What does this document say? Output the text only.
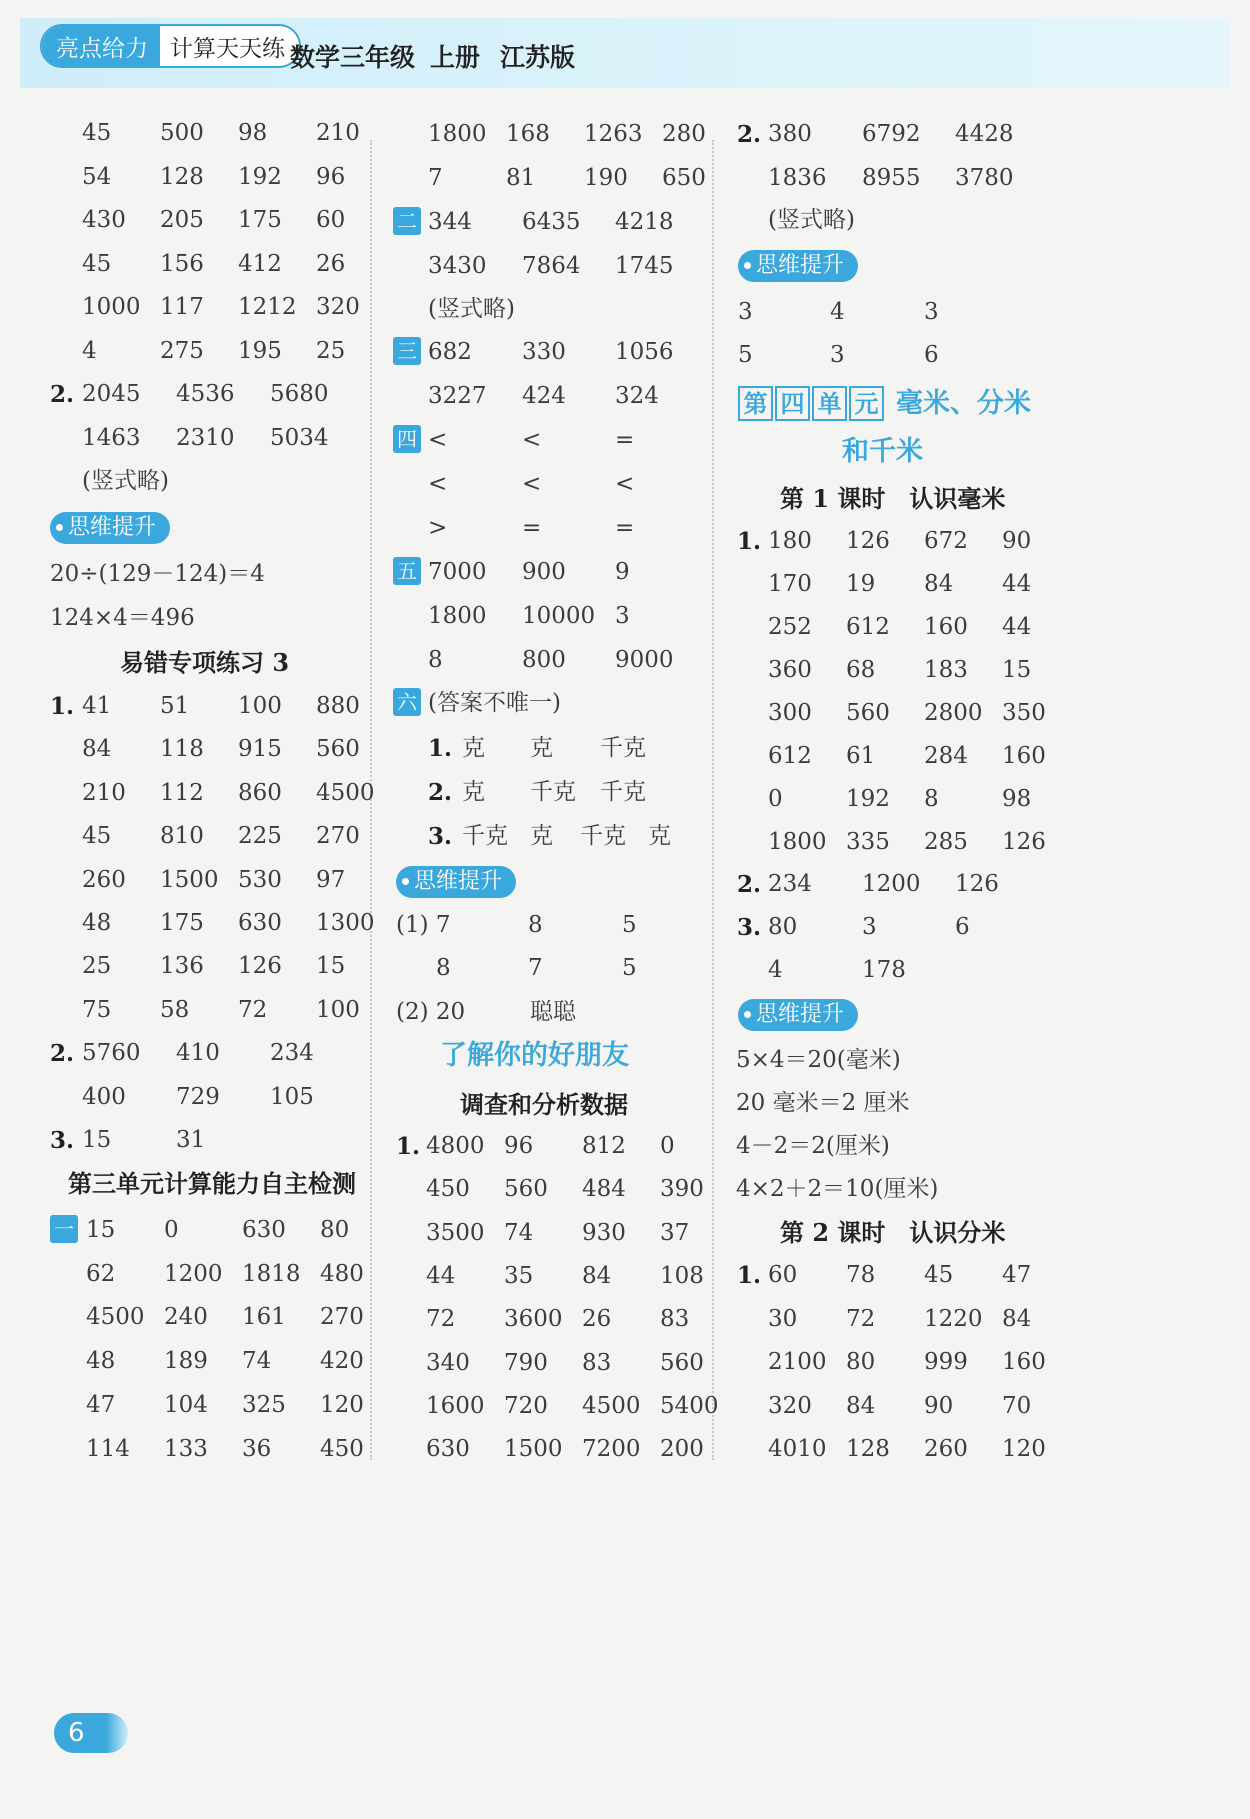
亮点给力 计算天天练 数学三年级 上册 江苏版
45 500 98 210
54 128 192 96
430 205 175 60
45 156 412 26
1000 117 1212 320
4	275 195 25
2. 2045 4536 5680
1463 2310 5034
(竖式略)
思维提升
20÷(129－124)＝4
124×4＝496
易错专项练习 3
1. 41 51 100 880
84 118 915 560
210 112 860 4500
45 810 225 270
260 1500 530 97
48 175 630 1300
25 136 126 15
75 58 72 100
2. 5760 410 234
400 729 105
3. 15	31
第三单元计算能力自主检测
一 15 0	630 80
62 1200 1818 480
4500 240 161 270
48 189 74 420
47 104 325 120
114 133 36 450
1800 168 1263 280
7	81 190 650
二 344 6435 4218
3430 7864 1745
(竖式略)
三 682 330 1056
3227 424 324
四 <	<	=
<	<	<
>	=	=
五 7000 900 9
1800 10000 3
8	800 9000
六 (答案不唯一)
1. 克 克 千克
2. 克 千克 千克
3. 千克 克 千克 克
思维提升
(1) 7	8	5
8	7	5
(2) 20	聪聪
了解你的好朋友
调查和分析数据
1. 4800 96 812 0
450 560 484 390
3500 74 930 37
44 35 84 108
72 3600 26 83
340 790 83 560
1600 720 4500 5400
630 1500 7200 200
2. 380 6792 4428
1836 8955 3780
(竖式略)
思维提升
3	4	3
5	3	6
第 四 单 元 毫米、分米
和千米
第 1 课时　认识毫米
1. 180 126 672 90
170 19 84 44
252 612 160 44
360 68 183 15
300 560 2800 350
612 61 284 160
0	192 8	98
1800 335 285 126
2. 234 1200 126
3. 80	3	6
4	178
思维提升
5×4＝20(毫米)
20 毫米＝2 厘米
4－2＝2(厘米)
4×2＋2＝10(厘米)
第 2 课时　认识分米
1. 60 78 45 47
30 72 1220 84
2100 80 999 160
320 84 90 70
4010 128 260 120
6
